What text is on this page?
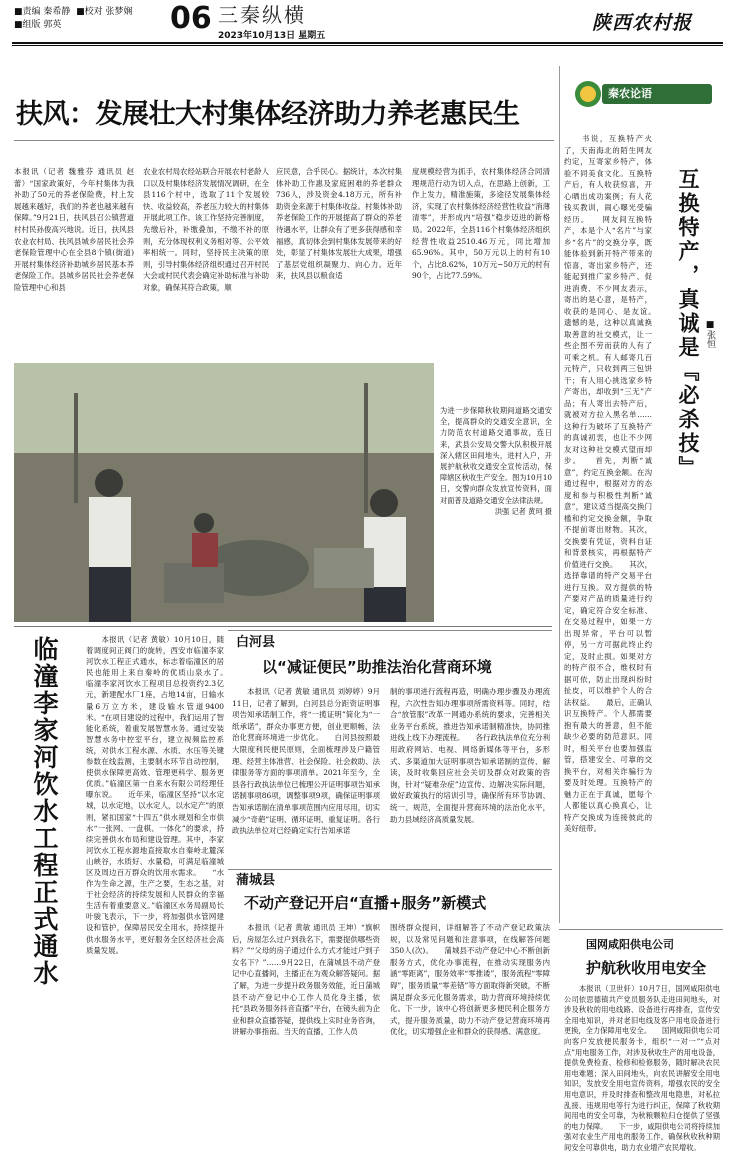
■责编 秦希静 ■校对 张梦娴
■组版 郭英	06 三秦纵横
2023年10月13日 星期五
陕西农村报
扶风：发展壮大村集体经济助力养老惠民生
本报讯（记者 魏雅芬 通讯员 赵蕾）“国家政策好，今年村集体为我补助了50元的养老保险费，村上发展越来越好，我们的养老也越来越有保障。”9月21日，扶风县召公镇营道村村民孙俊高兴地说。近日，扶风县农业农村局、扶风县城乡居民社会养老保险管理中心在全县8个镇(街道)开展村集体经济补助城乡居民基本养老保险工作。县城乡居民社会养老保险管理中心和县
农业农村局农经站联合开展农村老龄人口以及村集体经济发展情况调研，在全县116个村中，选取了11个发展较快、收益较高，养老压力较大的村集体开展此项工作。该工作坚持完善制度，先缴后补，补缴叠加，不缴不补的原则，充分体现权利义务相对等、公平效率相统一。同时，坚持民主决策的原则，引导村集体经济组织通过召开村民大会或村民代表会确定补助标准与补助对象，确保其符合政策，顺
应民意，合乎民心。据统计，本次村集体补助工作惠及家庭困难的养老群众736人，涉及资金4.18万元，所有补助资金来源于村集体收益。村集体补助养老保险工作的开展提高了群众的养老待遇水平，让群众有了更多获得感和幸福感，真切体会到村集体发展带来的好处，彰显了村集体发展壮大成果，增强了基层党组织凝聚力、向心力。近年来，扶风县以粮食适
度规模经营为抓手，农村集体经济合同清理规范行动为切入点，在思路上创新，工作上发力，精准施策，多途径发展集体经济，实现了农村集体经济经营性收益“消薄清零”，并形成内“培强”稳步迈进的新格局。2022年，全县116个村集体经济组织经营性收益2510.46万元，同比增加65.96%。其中，50万元以上的村有10个，占比8.62%，10万元~50万元的村有90个，占比77.59%。
为进一步保障秋收期间道路交通安全，提高群众的交通安全意识，全力防范农村道路交通事故，连日来，武县公安局交警大队积极开展深入辖区田间地头，进村入户，开展护航秋收交通安全宣传活动，保障辖区秋收生产安全。图为10月10日，交警向群众发放宣传资料，面对面普及道路交通安全法律法规。
洪强 记者 黄珂 摄
秦农论语
　　书说，互换特产火了，天南海北的陌生网友约定，互寄家乡特产，体验不同美食文化。互换特产后，有人收获惊喜，开心晒出成功案例；有人花钱买教训，闹心曝光受骗经历。　　网友间互换特产，本是个人“名片”与家乡“名片”的交换分享，既能体验到新开特产带来的惊喜，寄出家乡特产，还能起到推广家乡特产、促进消费、不少网友表示，寄出的是心意，是特产，收获的是同心、是友谊。　　遗憾的是，这种以真诚换取善意的社交模式，让一些企图不劳而获的人有了可乘之机。有人邮寄几百元特产，只收到两三包饼干；有人用心挑选家乡特产寄出，却收到“三无”产品；有人寄出去特产后，就被对方拉入黑名单……这种行为破坏了互换特产的真诚初衷，也让不少网友对这种社交模式望而却步。　　首先，判断“诚意”，约定互换金额。在沟通过程中，根据对方的态度和参与积极性判断“诚意”，建议适当提高交换门槛和约定交换金额，争取不提前寄出财物。其次，交换要有凭证，资料自证和背景核实，再根据特产价值进行交换。　　其次，选择靠谱的特产交易平台进行互换。双方提供的特产要对产品的质量进行约定，确定符合安全标准、在交易过程中，如果一方出现异常，平台可以暂停，另一方可据此终止约定，及时止损。如果对方的特产很不合，维权时有据可依，防止出现纠纷时扯皮，可以维护个人的合法权益。　　最后，正确认识互换特产。个人都需要抱有最大的善意，但不能缺少必要的防范意识。同时，相关平台也要加强监管，搭建安全、可靠的交换平台，对相关诈骗行为要及时处理。互换特产的魅力正在于真诚，愿每个人都能以真心换真心，让特产交换成为连接彼此的美好纽带。
互换特产，真诚是『必杀技』 ■张恒
　　本报讯（记者 黄敏）10月10日，随着调度间正阀门的旋转，西安市临潼李家河饮水工程正式通水，标志着临潼区的居民也能用上来自秦岭的优质山泉水了。　　临潼李家河饮水工程项目总投资约2.3亿元，新建配水厂1座，占地14亩，日输水量6万立方米，建设输水管道9400米。“在项目建设的过程中，我们运用了智能化系统，着重发展智慧水务。通过安装智慧水务中控室平台，建立视频监控系统，对供水工程水源、水质、水压等关键参数在线监测，主要制水环节自动控制，使供水保障更高效、管理更科学、服务更优质。”临潼区第一自来水有限公司经理任曝东说。　　近年来，临潼区坚持“以水定城，以水定地，以水定人，以水定产”的原则，紧扣国家“十四五”供水规划和全市供水“一张网、一盘棋、一体化”的要求，持续完善供水布局和建设管理。其中，李家河饮水工程水源地直接取水自秦岭北麓深山峡谷，水质好、水量稳，可满足临潼城区及周边百万群众的饮用水需求。　　“水作为生命之源，生产之要，生态之基，对于社会经济的持续发展和人民群众的幸福生活有着重要意义。”临潼区水务局副局长叶骏飞表示，下一步，将加强供水管网建设和管护，保障居民安全用水，持续提升供水服务水平，更好服务全区经济社会高质量发展。
临潼李家河饮水工程正式通水	白河县
以“减证便民”助推法治化营商环境
　　本报讯（记者 黄敏 通讯员 刘婷婷）9月11日，记者了解到，白河县总分距资证明事项告知承诺制工作，将“一揽证明”简化为“一纸承诺”，群众办事更方便，创业更顺畅，法治化营商环境进一步优化。　　白河县按照最大限度利民便民原则，全面梳理涉及户籍管理、经营主体准营、社会保险、社会救助、法律服务等方面的事项清单。2021年至今，全县各行政执法单位已梳理公开证明事项告知承诺制事项86项，调整事项9项，确保证明事项告知承诺制在清单事项范围内应用尽用，切实减少“奇葩”证明、循环证明、重复证明。各行政执法单位对已经确定实行告知承诺
制的事项进行流程再造，明确办理步骤及办理流程，六次性告知办理事项所需资料等。同时，结合“放管服”改革一网通办系统的要求，完善相关业务平台系统，推进告知承诺制精准快，协同推进线上线下办理流程。　　各行政执法单位充分利用政府网站、电视、网络新媒体等平台，多形式、多渠道加大证明事项告知承诺制的宣传、解读，及时收集回应社会关切及群众对政策的咨询，针对“疑难杂症”边宣传、边解决实际问题，做好政策执行的培训引导，确保所有环节协调、统一、规范，全面提升营商环境的法治化水平，助力县域经济高质量发展。
蒲城县
不动产登记开启“直播+服务”新模式
　　本报讯（记者 黄敏 通讯员 王坤）“旗帜后，房屋怎么过户到我名下，需要提供哪些资料？”“父母的房子通过什么方式才能过户到子女名下？”……9月22日，在蒲城县不动产登记中心直播间，主播正在为观众解答疑问。据了解，为进一步提升政务服务效能，近日蒲城县不动产登记中心工作人员化身主播，依托“县政务服务抖音直播”平台，在镜头前为企业和群众直播答疑，提供线上实时业务咨询，讲解办事指南。当天的直播，工作人员
围绕群众提问，详细解答了不动产登记政策法规，以及常见问题和注意事项，在线解答问题350人(次)。　　蒲城县不动产登记中心不断创新服务方式，优化办事流程，在推动实现服务内涵“零距离”，服务效率“零推诿”，服务流程“零障碍”，服务质量“零差错”等方面取得新突破，不断满足群众多元化服务需求，助力营商环境持续优化。下一步，该中心将创新更多便民利企服务方式，提升服务质量，助力不动产登记营商环境再优化，切实增强企业和群众的获得感、满意度。
国网咸阳供电公司
护航秋收用电安全
　　本报讯（卫世轩）10月7日，国网咸阳供电公司依思德镇共产党员服务队走进田间地头，对涉及秋收的用电线路、设备进行再排查，宣传安全用电知识，并对老旧电线及客户用电设备进行更换，全力保障用电安全。　　国网咸阳供电公司向客户发放便民服务卡，组织“一对一”“点对点”用电服务工作，对涉及秋收生产的用电设备，提供免费检查、检修和检修服务，随时解决农民用电难题；深入田间地头，向农民讲解安全用电知识，发放安全用电宣传资料，增强农民的安全用电意识，并及时排查和整改用电隐患，对私拉乱接、违规用电等行为进行纠正，保障了秋收期间用电的安全可靠，为秋粮颗粒归仓提供了坚强的电力保障。　　下一步，咸阳供电公司将持续加强对农业生产用电的服务工作，确保秋收秋种期间安全可靠供电，助力农业增产农民增收。
